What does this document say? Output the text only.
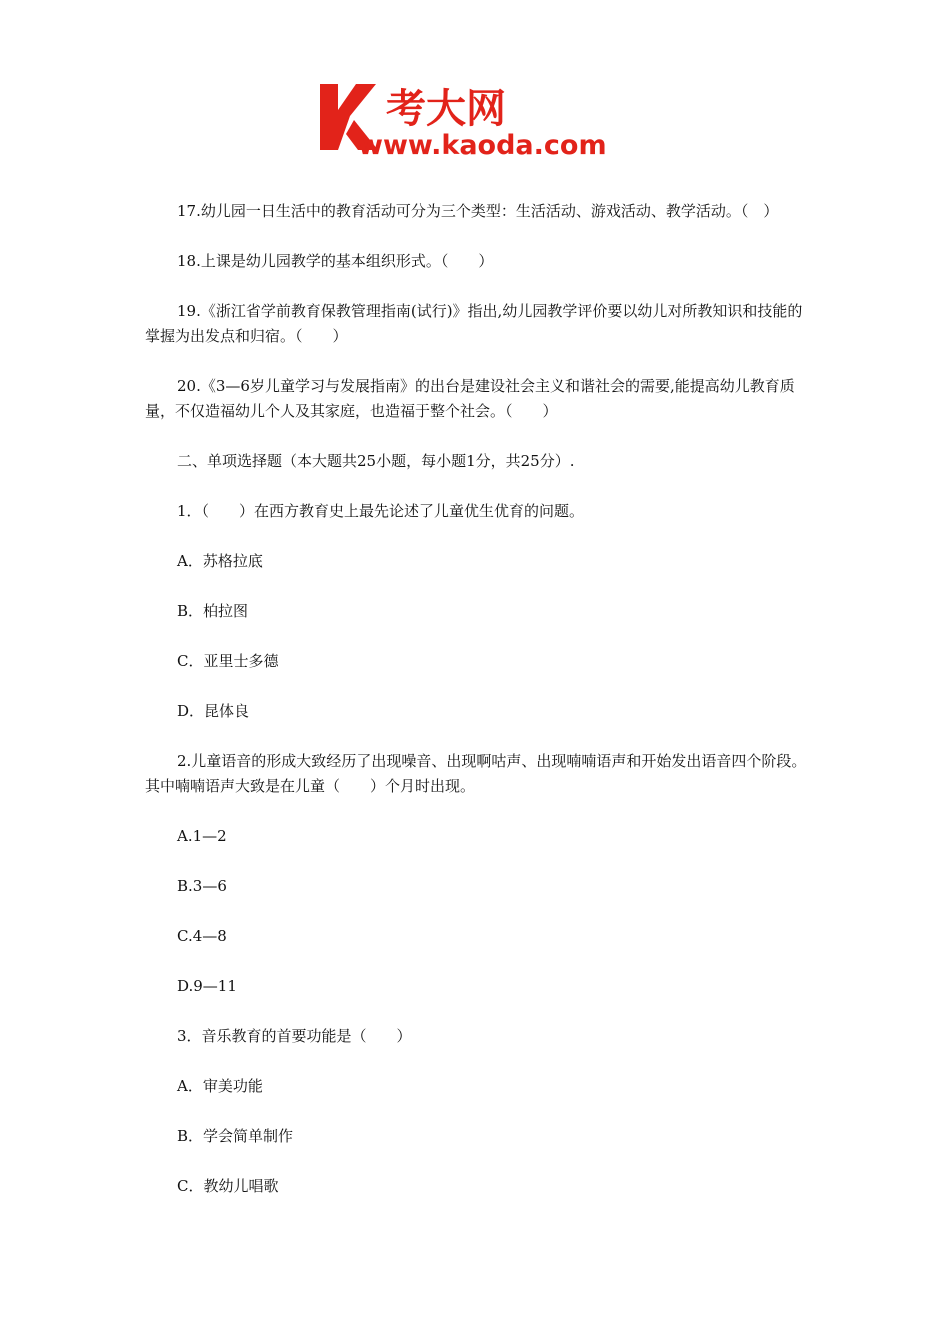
考大网
www.kaoda.com

17.幼儿园一日生活中的教育活动可分为三个类型：生活活动、游戏活动、教学活动。（　）

18.上课是幼儿园教学的基本组织形式。（　　）

19.《浙江省学前教育保教管理指南(试行)》指出,幼儿园教学评价要以幼儿对所教知识和技能的掌握为出发点和归宿。（　　）

20.《3—6岁儿童学习与发展指南》的出台是建设社会主义和谐社会的需要,能提高幼儿教育质量，不仅造福幼儿个人及其家庭，也造福于整个社会。（　　）

二、单项选择题（本大题共25小题，每小题1分，共25分）.

1．（　　）在西方教育史上最先论述了儿童优生优育的问题。

A．苏格拉底

B．柏拉图

C．亚里士多德

D．昆体良

2.儿童语音的形成大致经历了出现噪音、出现啊咕声、出现喃喃语声和开始发出语音四个阶段。其中喃喃语声大致是在儿童（　　）个月时出现。

A.1—2

B.3—6

C.4—8

D.9—11

3．音乐教育的首要功能是（　　）

A．审美功能

B．学会简单制作

C．教幼儿唱歌
